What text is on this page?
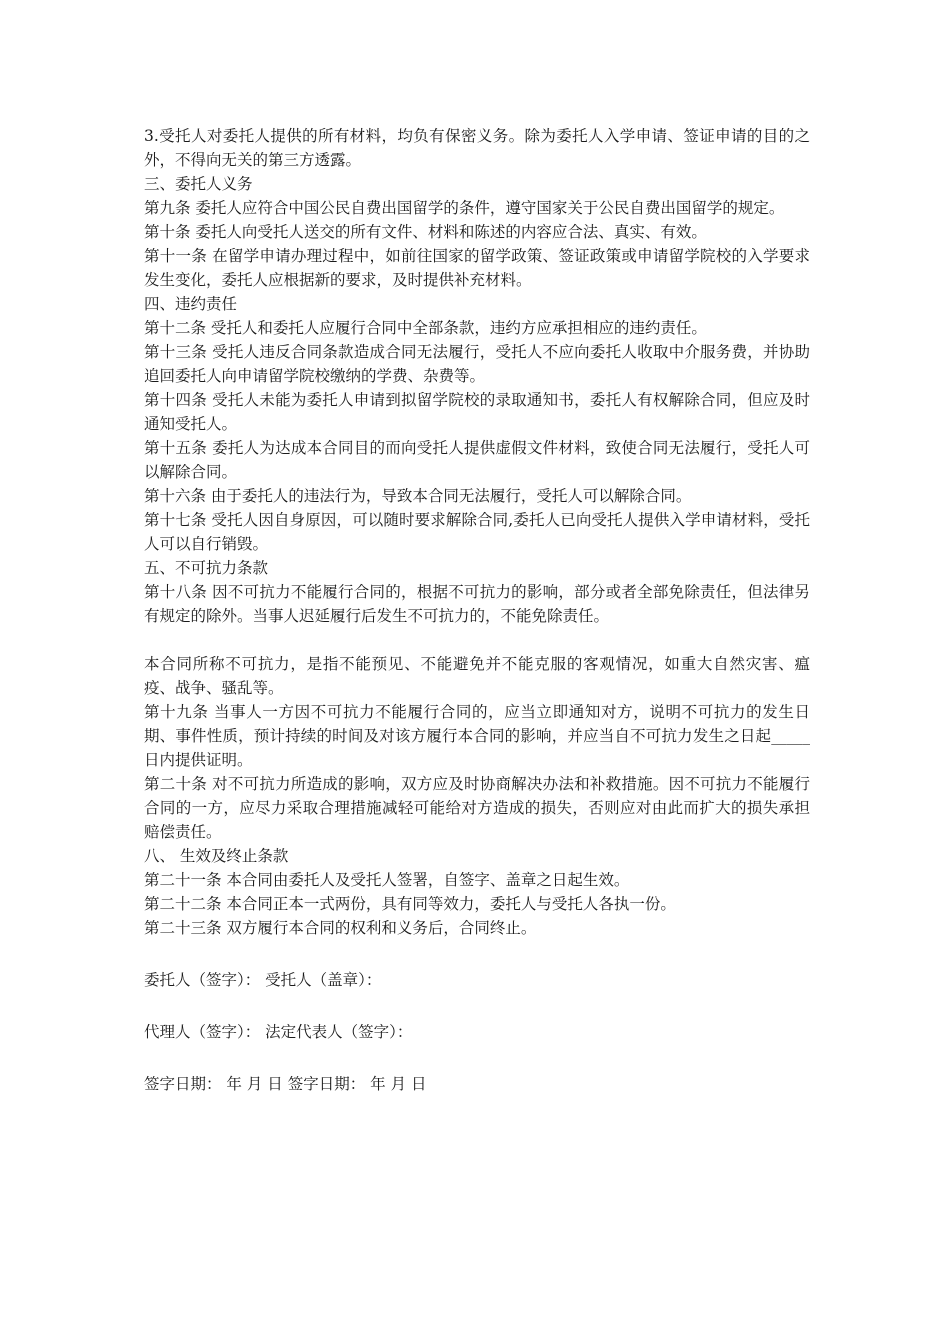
3.受托人对委托人提供的所有材料，均负有保密义务。除为委托人入学申请、签证申请的目的之外，不得向无关的第三方透露。

三、委托人义务

第九条 委托人应符合中国公民自费出国留学的条件，遵守国家关于公民自费出国留学的规定。

第十条 委托人向受托人送交的所有文件、材料和陈述的内容应合法、真实、有效。

第十一条 在留学申请办理过程中，如前往国家的留学政策、签证政策或申请留学院校的入学要求发生变化，委托人应根据新的要求，及时提供补充材料。

四、违约责任

第十二条 受托人和委托人应履行合同中全部条款，违约方应承担相应的违约责任。

第十三条 受托人违反合同条款造成合同无法履行，受托人不应向委托人收取中介服务费，并协助追回委托人向申请留学院校缴纳的学费、杂费等。

第十四条 受托人未能为委托人申请到拟留学院校的录取通知书，委托人有权解除合同，但应及时通知受托人。

第十五条 委托人为达成本合同目的而向受托人提供虚假文件材料，致使合同无法履行，受托人可以解除合同。

第十六条 由于委托人的违法行为，导致本合同无法履行，受托人可以解除合同。

第十七条 受托人因自身原因，可以随时要求解除合同,委托人已向受托人提供入学申请材料，受托人可以自行销毁。

五、不可抗力条款

第十八条 因不可抗力不能履行合同的，根据不可抗力的影响，部分或者全部免除责任，但法律另有规定的除外。当事人迟延履行后发生不可抗力的，不能免除责任。

本合同所称不可抗力，是指不能预见、不能避免并不能克服的客观情况，如重大自然灾害、瘟疫、战争、骚乱等。

第十九条 当事人一方因不可抗力不能履行合同的，应当立即通知对方，说明不可抗力的发生日期、事件性质，预计持续的时间及对该方履行本合同的影响，并应当自不可抗力发生之日起_____日内提供证明。

第二十条 对不可抗力所造成的影响，双方应及时协商解决办法和补救措施。因不可抗力不能履行合同的一方，应尽力采取合理措施减轻可能给对方造成的损失，否则应对由此而扩大的损失承担赔偿责任。

八、 生效及终止条款

第二十一条 本合同由委托人及受托人签署，自签字、盖章之日起生效。

第二十二条 本合同正本一式两份，具有同等效力，委托人与受托人各执一份。

第二十三条 双方履行本合同的权利和义务后，合同终止。

委托人（签字）： 受托人（盖章）：
代理人（签字）： 法定代表人（签字）：
签字日期： 年 月 日 签字日期： 年 月 日
